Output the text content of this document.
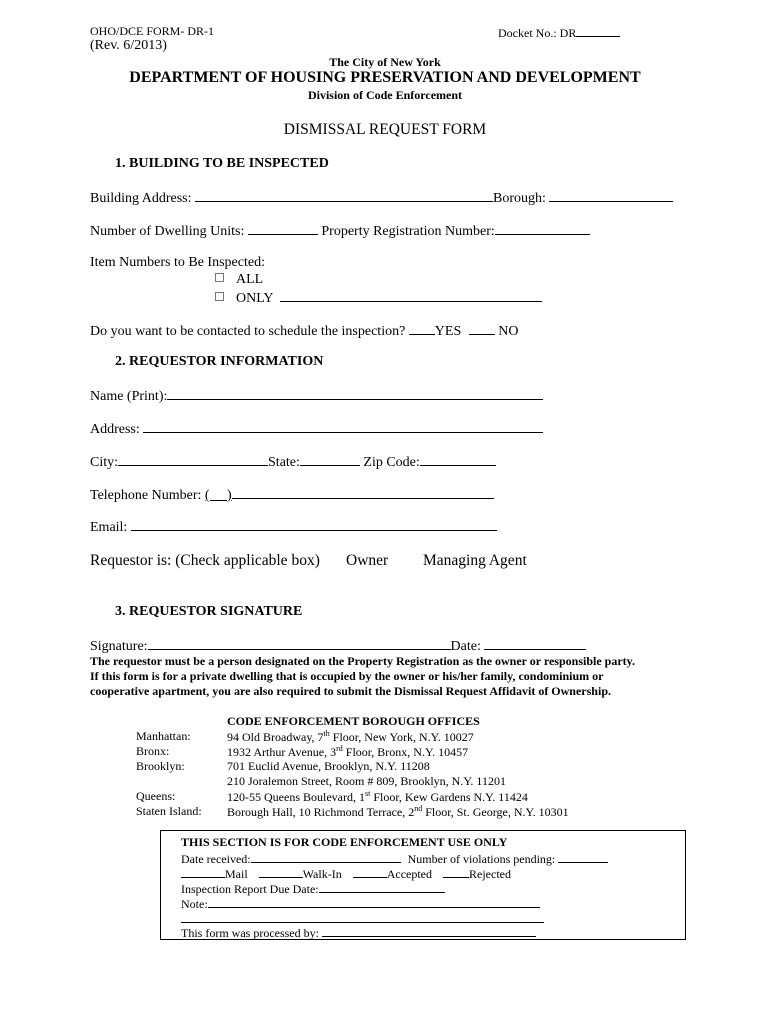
OHO/DCE FORM- DR-1
(Rev. 6/2013)
Docket No.: DR
The City of New York
DEPARTMENT OF HOUSING PRESERVATION AND DEVELOPMENT
Division of Code Enforcement
DISMISSAL REQUEST FORM
1. BUILDING TO BE INSPECTED
Building Address:	Borough:
Number of Dwelling Units:	Property Registration Number:
Item Numbers to Be Inspected:
ALL
ONLY
Do you want to be contacted to schedule the inspection? YES	NO
2. REQUESTOR INFORMATION
Name (Print):
Address:
City:	State:	Zip Code:
Telephone Number: (     )
Email:
Requestor is: (Check applicable box) Owner Managing Agent
3. REQUESTOR SIGNATURE
Signature:	Date:
The requestor must be a person designated on the Property Registration as the owner or responsible party.
If this form is for a private dwelling that is occupied by the owner or his/her family, condominium or
cooperative apartment, you are also required to submit the Dismissal Request Affidavit of Ownership.
CODE ENFORCEMENT BOROUGH OFFICES
Manhattan:	94 Old Broadway, 7th Floor, New York, N.Y. 10027
Bronx:	1932 Arthur Avenue, 3rd Floor, Bronx, N.Y. 10457
Brooklyn:	701 Euclid Avenue, Brooklyn, N.Y. 11208
210 Joralemon Street, Room # 809, Brooklyn, N.Y. 11201
Queens:	120-55 Queens Boulevard, 1st Floor, Kew Gardens N.Y. 11424
Staten Island: Borough Hall, 10 Richmond Terrace, 2nd Floor, St. George, N.Y. 10301
THIS SECTION IS FOR CODE ENFORCEMENT USE ONLY
Date received:	Number of violations pending:
Mail	Walk-In	Accepted	Rejected
Inspection Report Due Date:
Note:
This form was processed by:
